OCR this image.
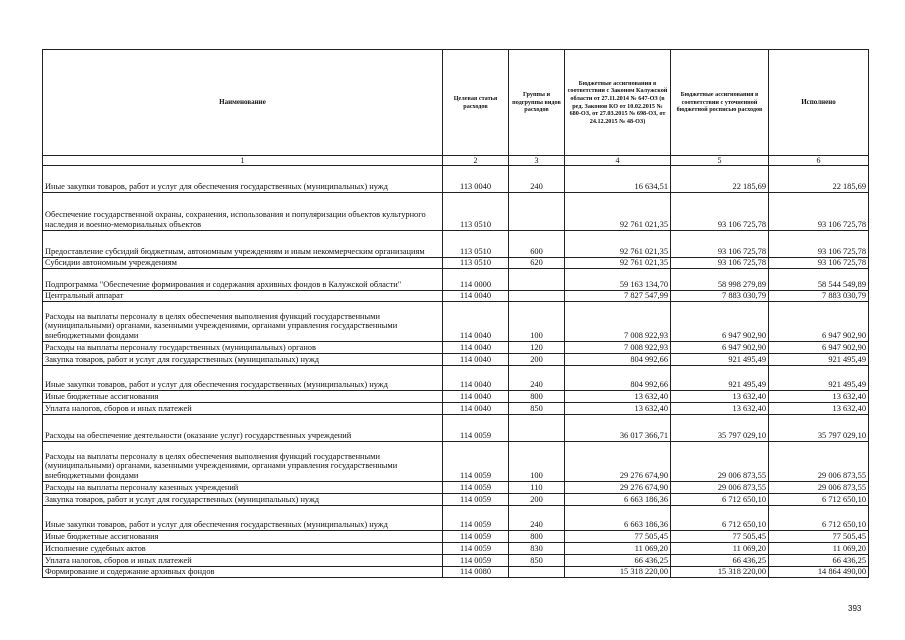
Наименование	Целевая статья расходов	Группы и подгруппы видов расходов	Бюджетные ассигнования в соответствии с Законом Калужской области от 27.11.2014 № 647-ОЗ (в ред. Законов КО от 10.02.2015 № 680-ОЗ, от 27.03.2015 № 698-ОЗ, от 24.12.2015 № 48-ОЗ)	Бюджетные ассигнования в соответствии с уточненной бюджетной росписью расходов	Исполнено
1	2	3	4	5	6
Иные закупки товаров, работ и услуг для обеспечения государственных (муниципальных) нужд	113 0040	240	16 634,51	22 185,69	22 185,69
Обеспечение государственной охраны, сохранения, использования и популяризации объектов культурного наследия и военно-мемориальных объектов	113 0510		92 761 021,35	93 106 725,78	93 106 725,78
Предоставление субсидий бюджетным, автономным учреждениям и иным некоммерческим организациям	113 0510	600	92 761 021,35	93 106 725,78	93 106 725,78
Субсидии автономным учреждениям	113 0510	620	92 761 021,35	93 106 725,78	93 106 725,78
Подпрограмма "Обеспечение формирования и содержания архивных фондов в Калужской области"	114 0000		59 163 134,70	58 998 279,89	58 544 549,89
Центральный аппарат	114 0040		7 827 547,99	7 883 030,79	7 883 030,79
Расходы на выплаты персоналу в целях обеспечения выполнения функций государственными (муниципальными) органами, казенными учреждениями, органами управления государственными внебюджетными фондами	114 0040	100	7 008 922,93	6 947 902,90	6 947 902,90
Расходы на выплаты персоналу государственных (муниципальных) органов	114 0040	120	7 008 922,93	6 947 902,90	6 947 902,90
Закупка товаров, работ и услуг для государственных (муниципальных) нужд	114 0040	200	804 992,66	921 495,49	921 495,49
Иные закупки товаров, работ и услуг для обеспечения государственных (муниципальных) нужд	114 0040	240	804 992,66	921 495,49	921 495,49
Иные бюджетные ассигнования	114 0040	800	13 632,40	13 632,40	13 632,40
Уплата налогов, сборов и иных платежей	114 0040	850	13 632,40	13 632,40	13 632,40
Расходы на обеспечение деятельности (оказание услуг) государственных учреждений	114 0059		36 017 366,71	35 797 029,10	35 797 029,10
Расходы на выплаты персоналу в целях обеспечения выполнения функций государственными (муниципальными) органами, казенными учреждениями, органами управления государственными внебюджетными фондами	114 0059	100	29 276 674,90	29 006 873,55	29 006 873,55
Расходы на выплаты персоналу казенных учреждений	114 0059	110	29 276 674,90	29 006 873,55	29 006 873,55
Закупка товаров, работ и услуг для государственных (муниципальных) нужд	114 0059	200	6 663 186,36	6 712 650,10	6 712 650,10
Иные закупки товаров, работ и услуг для обеспечения государственных (муниципальных) нужд	114 0059	240	6 663 186,36	6 712 650,10	6 712 650,10
Иные бюджетные ассигнования	114 0059	800	77 505,45	77 505,45	77 505,45
Исполнение судебных актов	114 0059	830	11 069,20	11 069,20	11 069,20
Уплата налогов, сборов и иных платежей	114 0059	850	66 436,25	66 436,25	66 436,25
Формирование и содержание архивных фондов	114 0080		15 318 220,00	15 318 220,00	14 864 490,00
393
